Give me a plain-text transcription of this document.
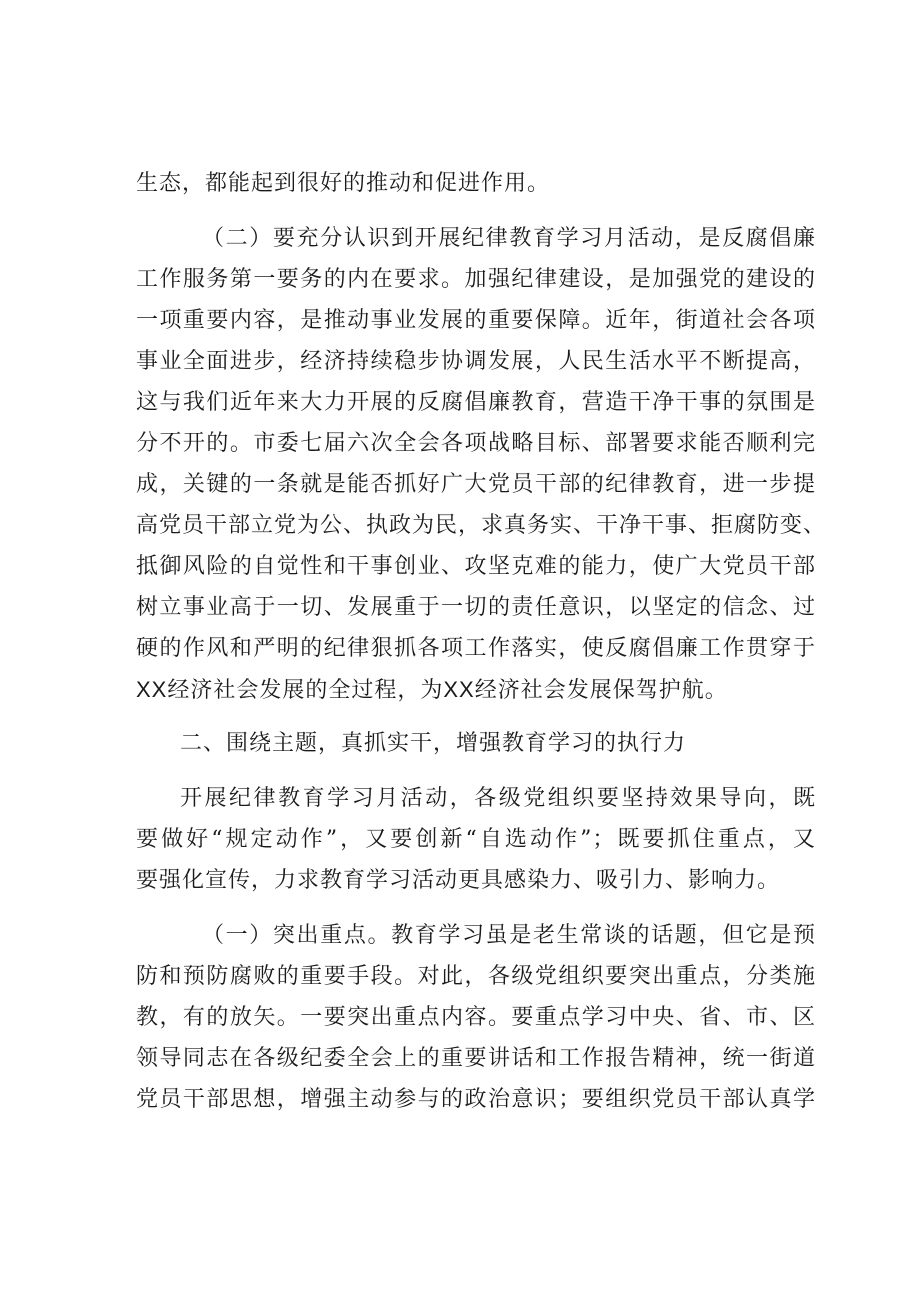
生态，都能起到很好的推动和促进作用。
（二）要充分认识到开展纪律教育学习月活动，是反腐倡廉
工作服务第一要务的内在要求。加强纪律建设，是加强党的建设的
一项重要内容，是推动事业发展的重要保障。近年，街道社会各项
事业全面进步，经济持续稳步协调发展，人民生活水平不断提高，
这与我们近年来大力开展的反腐倡廉教育，营造干净干事的氛围是
分不开的。市委七届六次全会各项战略目标、部署要求能否顺利完
成，关键的一条就是能否抓好广大党员干部的纪律教育，进一步提
高党员干部立党为公、执政为民，求真务实、干净干事、拒腐防变、
抵御风险的自觉性和干事创业、攻坚克难的能力，使广大党员干部
树立事业高于一切、发展重于一切的责任意识，以坚定的信念、过
硬的作风和严明的纪律狠抓各项工作落实，使反腐倡廉工作贯穿于
XX经济社会发展的全过程，为XX经济社会发展保驾护航。
二、围绕主题，真抓实干，增强教育学习的执行力
开展纪律教育学习月活动，各级党组织要坚持效果导向，既
要做好“规定动作”，又要创新“自选动作”；既要抓住重点，又
要强化宣传，力求教育学习活动更具感染力、吸引力、影响力。
（一）突出重点。教育学习虽是老生常谈的话题，但它是预
防和预防腐败的重要手段。对此，各级党组织要突出重点，分类施
教，有的放矢。一要突出重点内容。要重点学习中央、省、市、区
领导同志在各级纪委全会上的重要讲话和工作报告精神，统一街道
党员干部思想，增强主动参与的政治意识；要组织党员干部认真学
